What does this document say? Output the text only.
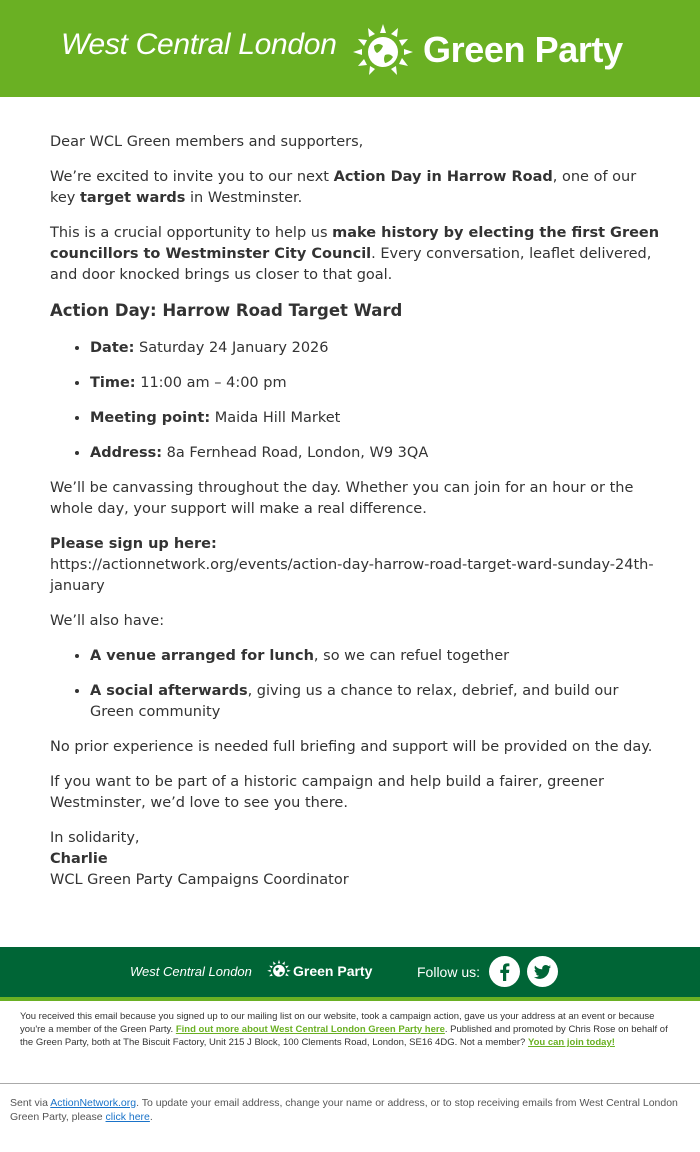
West Central London Green Party

Dear WCL Green members and supporters,

We’re excited to invite you to our next Action Day in Harrow Road, one of our key target wards in Westminster.

This is a crucial opportunity to help us make history by electing the first Green councillors to Westminster City Council. Every conversation, leaflet delivered, and door knocked brings us closer to that goal.

Action Day: Harrow Road Target Ward
• Date: Saturday 24 January 2026
• Time: 11:00 am – 4:00 pm
• Meeting point: Maida Hill Market
• Address: 8a Fernhead Road, London, W9 3QA

We’ll be canvassing throughout the day. Whether you can join for an hour or the whole day, your support will make a real difference.

Please sign up here:
https://actionnetwork.org/events/action-day-harrow-road-target-ward-sunday-24th-january

We’ll also have:

• A venue arranged for lunch, so we can refuel together
• A social afterwards, giving us a chance to relax, debrief, and build our Green community

No prior experience is needed full briefing and support will be provided on the day.

If you want to be part of a historic campaign and help build a fairer, greener Westminster, we’d love to see you there.

In solidarity,

Charlie

WCL Green Party Campaigns Coordinator

West Central London	Green Party	Follow us:
You received this email because you signed up to our mailing list on our website, took a campaign action, gave us your address at an event or because you're a member of the Green Party. Find out more about West Central London Green Party here. Published and promoted by Chris Rose on behalf of the Green Party, both at The Biscuit Factory, Unit 215 J Block, 100 Clements Road, London, SE16 4DG. Not a member? You can join today!
Sent via ActionNetwork.org. To update your email address, change your name or address, or to stop receiving emails from West Central London Green Party, please click here.
